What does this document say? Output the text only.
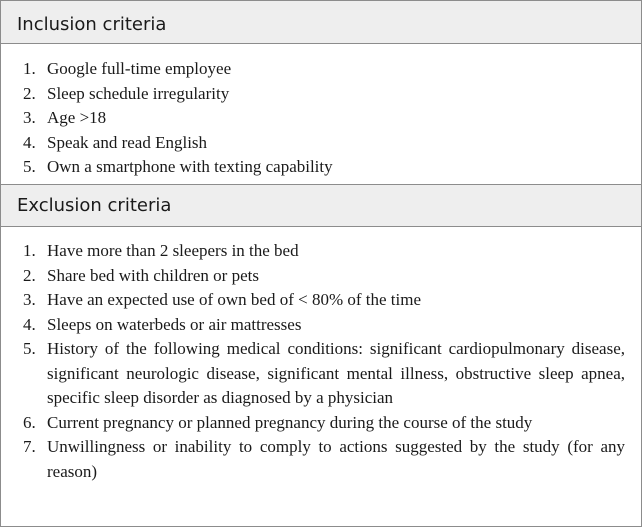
Inclusion criteria
1. Google full-time employee
2. Sleep schedule irregularity
3. Age >18
4. Speak and read English
5. Own a smartphone with texting capability
Exclusion criteria
1. Have more than 2 sleepers in the bed
2. Share bed with children or pets
3. Have an expected use of own bed of < 80% of the time
4. Sleeps on waterbeds or air mattresses
5. History of the following medical conditions: significant cardiopulmonary disease, significant neurologic disease, significant mental illness, obstructive sleep apnea, specific sleep disorder as diagnosed by a physician
6. Current pregnancy or planned pregnancy during the course of the study
7. Unwillingness or inability to comply to actions suggested by the study (for any reason)
